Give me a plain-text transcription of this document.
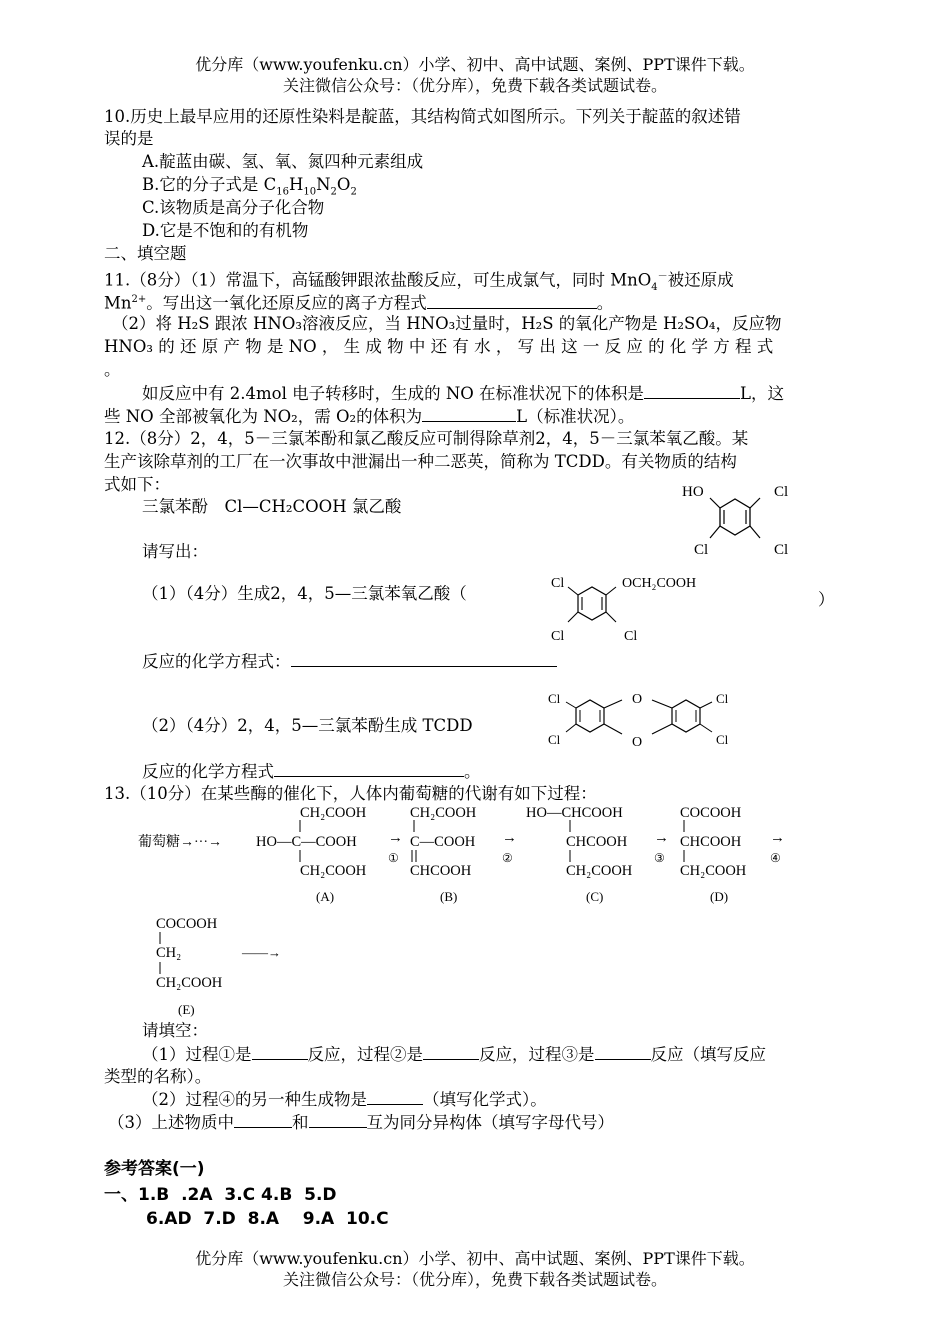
优分库（www.youfenku.cn）小学、初中、高中试题、案例、PPT课件下载。
关注微信公众号：（优分库），免费下载各类试题试卷。
10.历史上最早应用的还原性染料是靛蓝，其结构简式如图所示。下列关于靛蓝的叙述错
误的是
A.靛蓝由碳、氢、氧、氮四种元素组成
B.它的分子式是 $C_{16}H_{10}N_2O_2$
C.该物质是高分子化合物
D.它是不饱和的有机物
二、填空题
11.（8分）（1）常温下，高锰酸钾跟浓盐酸反应，可生成氯气，同时 MnO$_4$－被还原成
$Mn^{2+}$。写出这一氧化还原反应的离子方程式	。
（2）将 H₂S 跟浓 HNO₃溶液反应，当 HNO₃过量时，H₂S 的氧化产物是 H₂SO₄，反应物
HNO₃ 的 还 原 产 物 是 NO ， 生 成 物 中 还 有 水 ， 写 出 这 一 反 应 的 化 学 方 程 式
。
如反应中有 2.4mol 电子转移时，生成的 NO 在标准状况下的体积是	L，这
些 NO 全部被氧化为 NO₂，需 O₂的体积为	L（标准状况）。
12.（8分）2，4，5－三氯苯酚和氯乙酸反应可制得除草剂2，4，5－三氯苯氧乙酸。某
生产该除草剂的工厂在一次事故中泄漏出一种二恶英，简称为 TCDD。有关物质的结构
式如下：
三氯苯酚　Cl—CH₂COOH 氯乙酸
HO	Cl
Cl	Cl
请写出：
（1）（4分）生成2，4，5—三氯苯氧乙酸（	）
Cl	OCH₂COOH
Cl	Cl
反应的化学方程式：
O
O
Cl
Cl
Cl
Cl
（2）（4分）2，4，5—三氯苯酚生成 TCDD
反应的化学方程式	。
13.（10分）在某些酶的催化下，人体内葡萄糖的代谢有如下过程：
葡萄糖→···→
CH₂COOH
HO—C—COOH
CH₂COOH
(A)
→
①
CH₂COOH
C—COOH
CHCOOH
(B)
→
②
HO—CHCOOH
CHCOOH
CH₂COOH
(C)
→
③
COCOOH
CHCOOH
CH₂COOH
(D)
→
④
COCOOH
CH₂
CH₂COOH
(E)
——→
请填空：
（1）过程①是	反应，过程②是	反应，过程③是	反应（填写反应
类型的名称）。
（2）过程④的另一种生成物是	（填写化学式）。
（3）上述物质中	和	互为同分异构体（填写字母代号）
参考答案(一)
一、1.B  .2A  3.C 4.B  5.D
6.AD  7.D  8.A    9.A  10.C
优分库（www.youfenku.cn）小学、初中、高中试题、案例、PPT课件下载。
关注微信公众号：（优分库），免费下载各类试题试卷。
